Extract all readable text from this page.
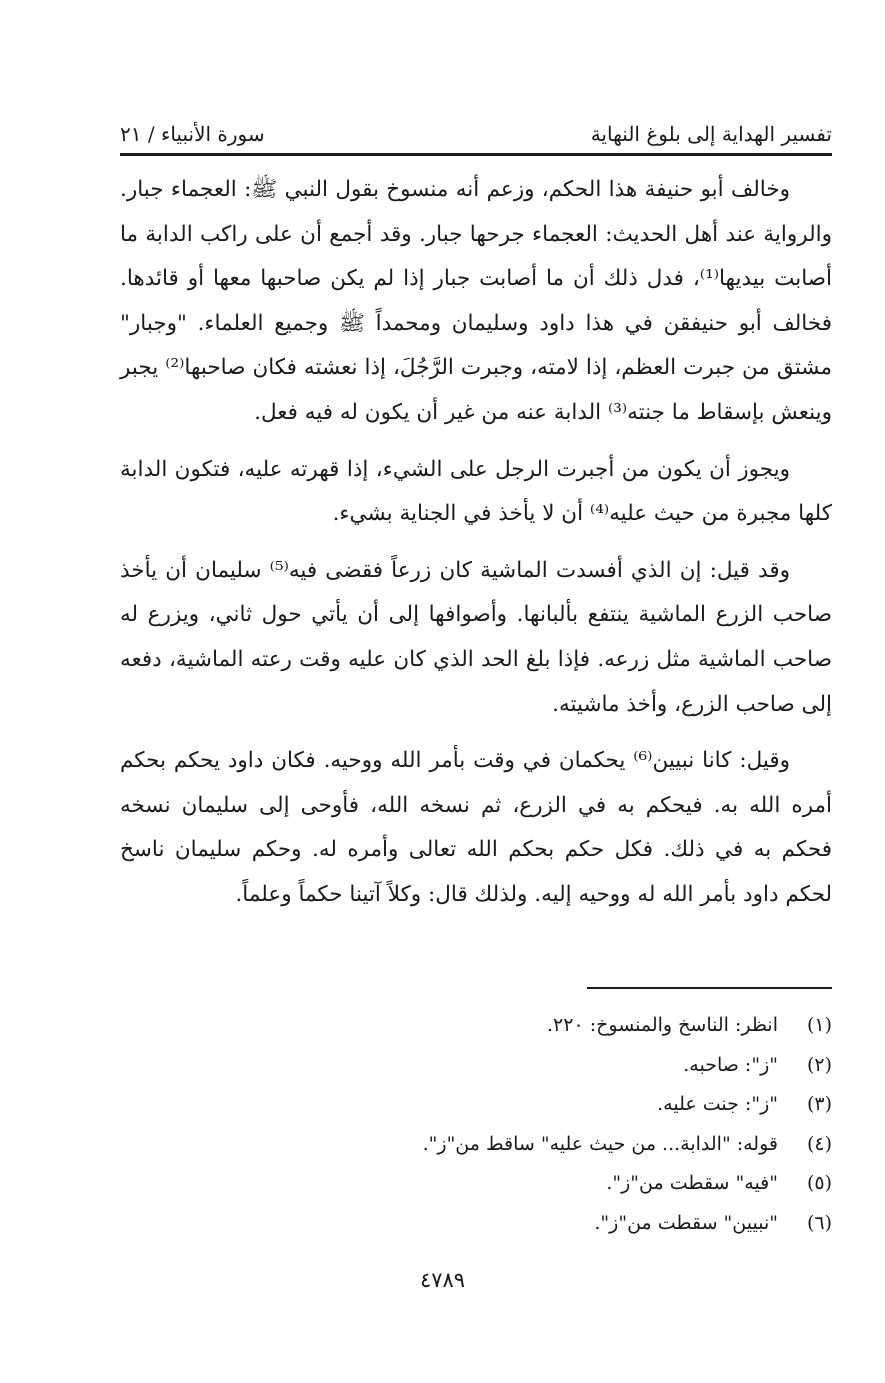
تفسير الهداية إلى بلوغ النهاية
سورة الأنبياء / ٢١

وخالف أبو حنيفة هذا الحكم، وزعم أنه منسوخ بقول النبي ﷺ: العجماء جبار. والرواية عند أهل الحديث: العجماء جرحها جبار. وقد أجمع أن على راكب الدابة ما أصابت بيديها⁽¹⁾، فدل ذلك أن ما أصابت جبار إذا لم يكن صاحبها معها أو قائدها. فخالف أبو حنيفقن في هذا داود وسليمان ومحمداً ﷺ وجميع العلماء. "وجبار" مشتق من جبرت العظم، إذا لامته، وجبرت الرَّجُلَ، إذا نعشته فكان صاحبها⁽²⁾ يجبر وينعش بإسقاط ما جنته⁽³⁾ الدابة عنه من غير أن يكون له فيه فعل.

ويجوز أن يكون من أجبرت الرجل على الشيء، إذا قهرته عليه، فتكون الدابة كلها مجبرة من حيث عليه⁽⁴⁾ أن لا يأخذ في الجناية بشيء.

وقد قيل: إن الذي أفسدت الماشية كان زرعاً فقضى فيه⁽⁵⁾ سليمان أن يأخذ صاحب الزرع الماشية ينتفع بألبانها. وأصوافها إلى أن يأتي حول ثاني، ويزرع له صاحب الماشية مثل زرعه. فإذا بلغ الحد الذي كان عليه وقت رعته الماشية، دفعه إلى صاحب الزرع، وأخذ ماشيته.

وقيل: كانا نبيين⁽⁶⁾ يحكمان في وقت بأمر الله ووحيه. فكان داود يحكم بحكم أمره الله به. فيحكم به في الزرع، ثم نسخه الله، فأوحى إلى سليمان نسخه فحكم به في ذلك. فكل حكم بحكم الله تعالى وأمره له. وحكم سليمان ناسخ لحكم داود بأمر الله له ووحيه إليه. ولذلك قال: وكلاً آتينا حكماً وعلماً.

(١)
انظر: الناسخ والمنسوخ: ٢٢٠.
(٢)
"ز": صاحبه.
(٣)
"ز": جنت عليه.
(٤)
قوله: "الدابة... من حيث عليه" ساقط من"ز".
(٥)
"فيه" سقطت من"ز".
(٦)
"نبيين" سقطت من"ز".
٤٧٨٩
